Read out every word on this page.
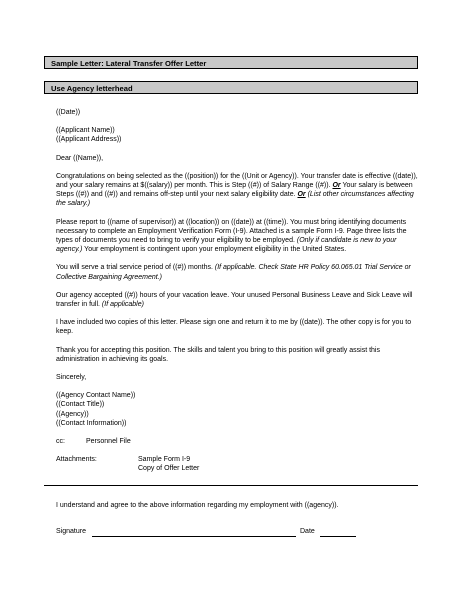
Sample Letter: Lateral Transfer Offer Letter
Use Agency letterhead

((Date))

((Applicant Name))

((Applicant Address))

Dear ((Name)),

Congratulations on being selected as the ((position)) for the ((Unit or Agency)). Your transfer date is effective ((date)), and your salary remains at $((salary)) per month. This is Step ((#)) of Salary Range ((#)). Or Your salary is between Steps ((#)) and ((#)) and remains off-step until your next salary eligibility date. Or (List other circumstances affecting the salary.)

Please report to ((name of supervisor)) at ((location)) on ((date)) at ((time)). You must bring identifying documents necessary to complete an Employment Verification Form (I-9). Attached is a sample Form I-9. Page three lists the types of documents you need to bring to verify your eligibility to be employed. (Only if candidate is new to your agency.) Your employment is contingent upon your employment eligibility in the United States.

You will serve a trial service period of ((#)) months. (If applicable. Check State HR Policy 60.065.01 Trial Service or Collective Bargaining Agreement.)

Our agency accepted ((#)) hours of your vacation leave. Your unused Personal Business Leave and Sick Leave will transfer in full. (If applicable)

I have included two copies of this letter. Please sign one and return it to me by ((date)). The other copy is for you to keep.

Thank you for accepting this position. The skills and talent you bring to this position will greatly assist this administration in achieving its goals.

Sincerely,

((Agency Contact Name))

((Contact Title))

((Agency))

((Contact Information))

cc:	Personnel File
Attachments:	Sample Form I-9
Copy of Offer Letter
I understand and agree to the above information regarding my employment with ((agency)).
Signature	Date
